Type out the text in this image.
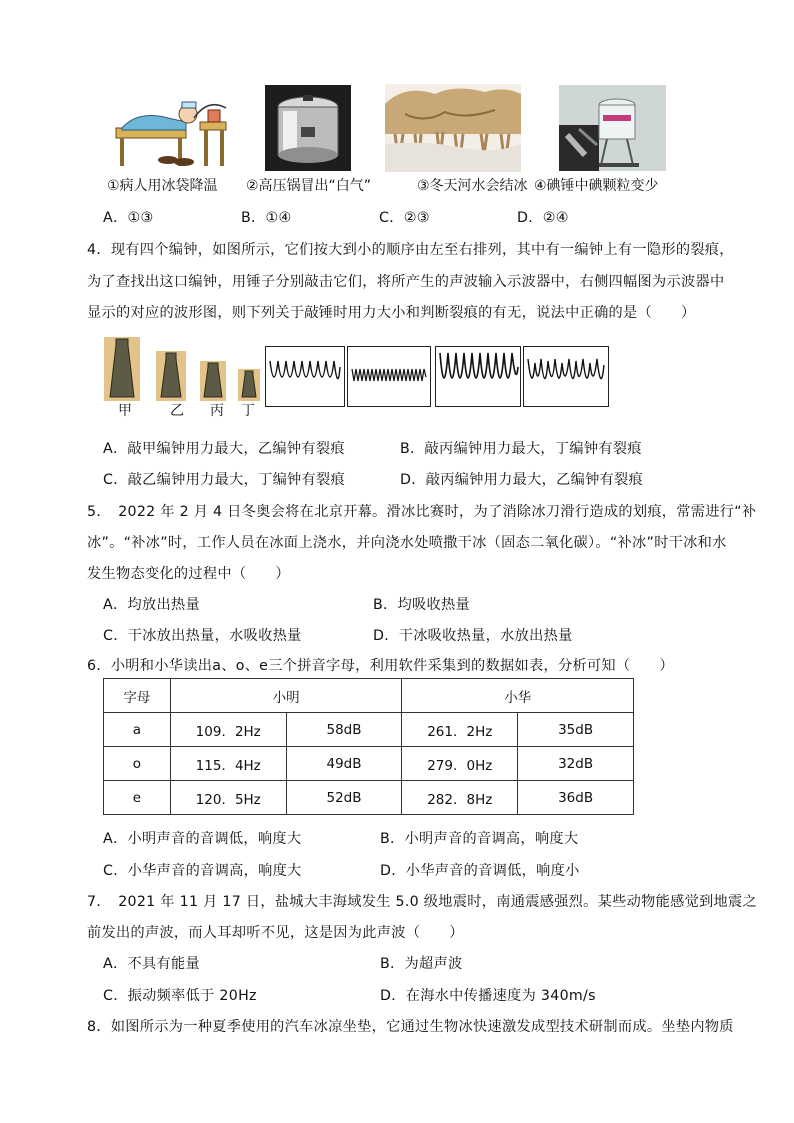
①病人用冰袋降温 ②高压锅冒出“白气”	③冬天河水会结冰 ④碘锤中碘颗粒变少
A．①③	B．①④	C．②③	D．②④
4．现有四个编钟，如图所示，它们按大到小的顺序由左至右排列，其中有一编钟上有一隐形的裂痕，
为了查找出这口编钟，用锤子分别敲击它们，将所产生的声波输入示波器中，右侧四幅图为示波器中
显示的对应的波形图，则下列关于敲锤时用力大小和判断裂痕的有无，说法中正确的是（　　）
甲	乙 丙 丁
A．敲甲编钟用力最大，乙编钟有裂痕	B．敲丙编钟用力最大，丁编钟有裂痕
C．敲乙编钟用力最大，丁编钟有裂痕	D．敲丙编钟用力最大，乙编钟有裂痕
5．　2022 年 2 月 4 日冬奥会将在北京开幕。滑冰比赛时，为了消除冰刀滑行造成的划痕，常需进行“补
冰”。“补冰”时，工作人员在冰面上浇水，并向浇水处喷撒干冰（固态二氧化碳）。“补冰”时干冰和水
发生物态变化的过程中（　　）
A．均放出热量	B．均吸收热量
C．干冰放出热量，水吸收热量	D．干冰吸收热量，水放出热量
6．小明和小华读出a、o、e三个拼音字母，利用软件采集到的数据如表，分析可知（　　）
字母	小明		小华	
a	109．2Hz	58dB	261．2Hz	35dB
o	115．4Hz	49dB	279．0Hz	32dB
e	120．5Hz	52dB	282．8Hz	36dB
A．小明声音的音调低，响度大	B．小明声音的音调高，响度大
C．小华声音的音调高，响度大	D．小华声音的音调低，响度小
7．　2021 年 11 月 17 日，盐城大丰海域发生 5.0 级地震时，南通震感强烈。某些动物能感觉到地震之
前发出的声波，而人耳却听不见，这是因为此声波（　　）
A．不具有能量	B．为超声波
C．振动频率低于 20Hz	D．在海水中传播速度为 340m/s
8．如图所示为一种夏季使用的汽车冰凉坐垫，它通过生物冰快速激发成型技术研制而成。坐垫内物质
